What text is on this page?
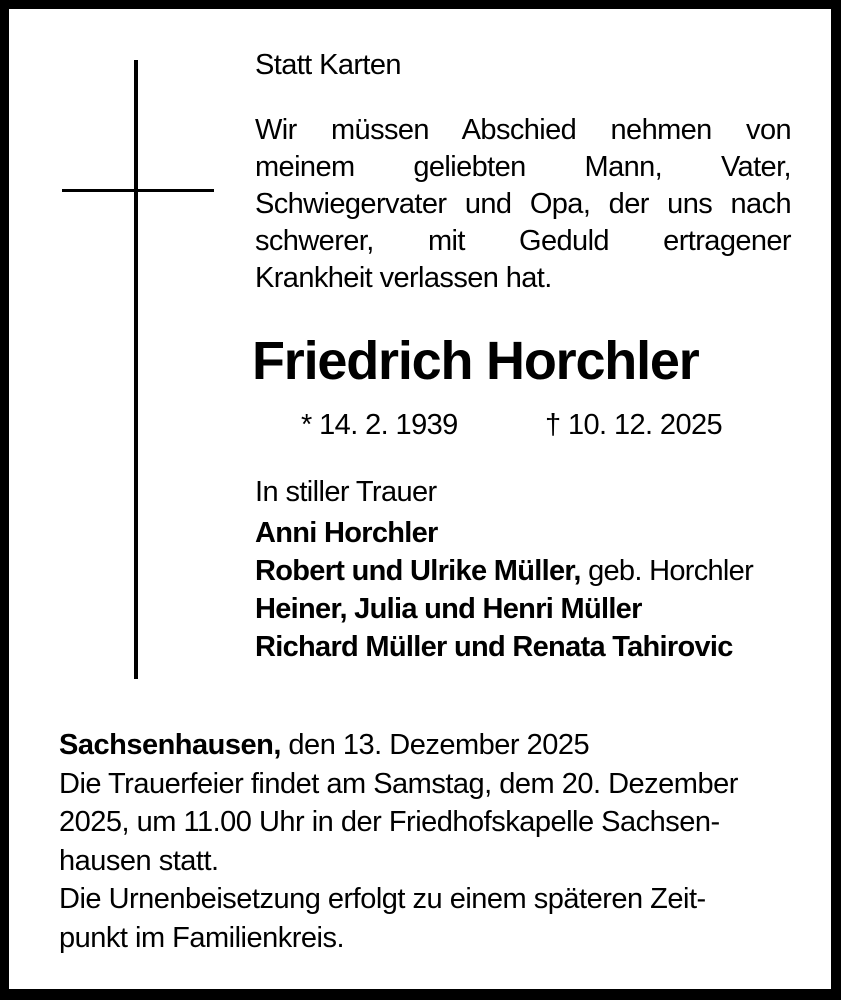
Statt Karten
Wir müssen Abschied nehmen von
meinem geliebten Mann, Vater,
Schwiegervater und Opa, der uns nach
schwerer, mit Geduld ertragener
Krankheit verlassen hat.
Friedrich Horchler
* 14. 2. 1939	† 10. 12. 2025
In stiller Trauer
Anni Horchler
Robert und Ulrike Müller, geb. Horchler
Heiner, Julia und Henri Müller
Richard Müller und Renata Tahirovic
Sachsenhausen, den 13. Dezember 2025
Die Trauerfeier findet am Samstag, dem 20. Dezember
2025, um 11.00 Uhr in der Friedhofskapelle Sachsen-
hausen statt.
Die Urnenbeisetzung erfolgt zu einem späteren Zeit-
punkt im Familienkreis.
